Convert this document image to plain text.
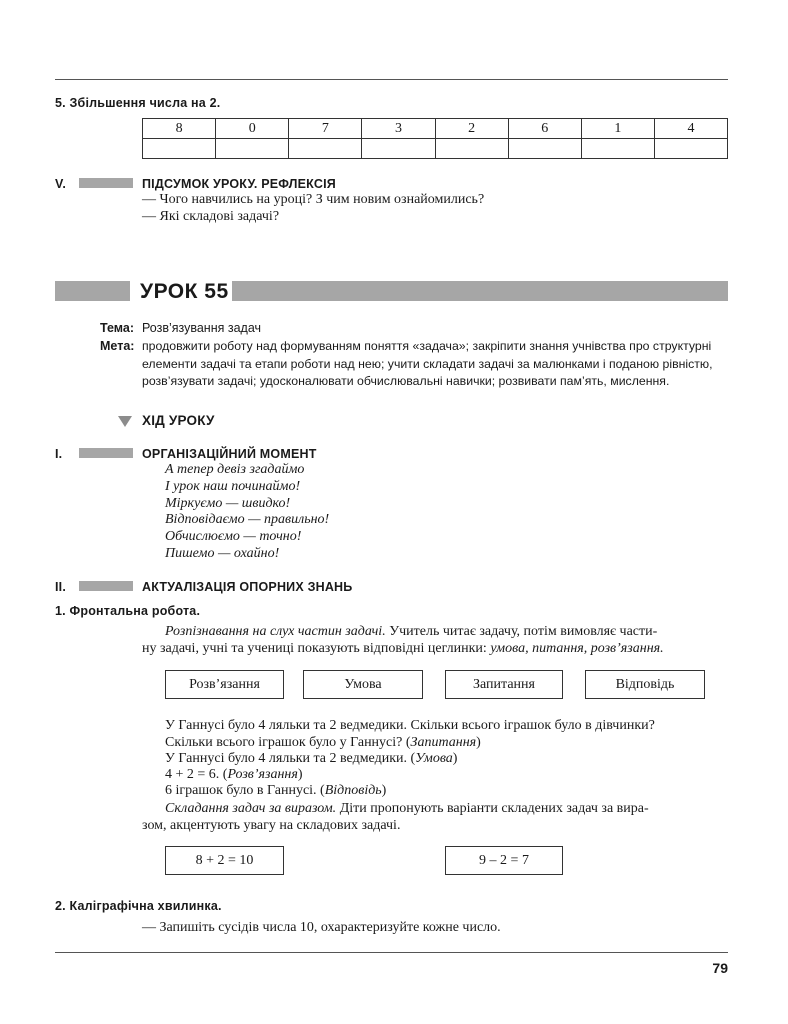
5. Збільшення числа на 2.
8	0	7	3	2	6	1	4

V.	ПІДСУМОК УРОКУ. РЕФЛЕКСІЯ
— Чого навчились на уроці? З чим новим ознайомились?
— Які складові задачі?
УРОК 55
Тема: Розв’язування задач
Мета: продовжити роботу над формуванням поняття «задача»; закріпити знання учнівства про структурні
елементи задачі та етапи роботи над нею; учити складати задачі за малюнками і поданою рівністю,
розв’язувати задачі; удосконалювати обчислювальні навички; розвивати пам’ять, мислення.
ХІД УРОКУ
I.	ОРГАНІЗАЦІЙНИЙ МОМЕНТ
А тепер девіз згадаймо
І урок наш починаймо!
Міркуємо — швидко!
Відповідаємо — правильно!
Обчислюємо — точно!
Пишемо — охайно!
II.	АКТУАЛІЗАЦІЯ ОПОРНИХ ЗНАНЬ
1. Фронтальна робота.
Розпізнавання на слух частин задачі. Учитель читає задачу, потім вимовляє части-
ну задачі, учні та учениці показують відповідні цеглинки: умова, питання, розв’язання.
Розв’язання	Умова	Запитання	Відповідь
У Ганнусі було 4 ляльки та 2 ведмедики. Скільки всього іграшок було в дівчинки?
Скільки всього іграшок було у Ганнусі? (Запитання)
У Ганнусі було 4 ляльки та 2 ведмедики. (Умова)
4 + 2 = 6. (Розв’язання)
6 іграшок було в Ганнусі. (Відповідь)
Складання задач за виразом. Діти пропонують варіанти складених задач за вира-
зом, акцентують увагу на складових задачі.
8 + 2 = 10	9 – 2 = 7
2. Каліграфічна хвилинка.
— Запишіть сусідів числа 10, охарактеризуйте кожне число.
79
